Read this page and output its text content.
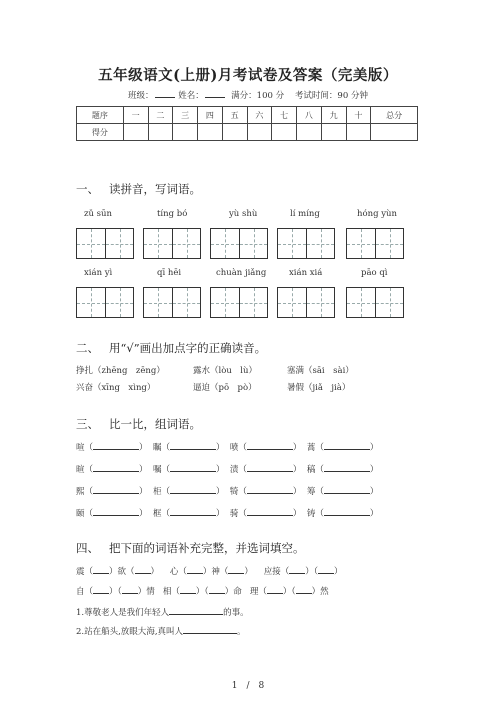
五年级语文(上册)月考试卷及答案（完美版）
班级：	姓名：	满分：100 分 考试时间：90 分钟
题序	一	二	三	四	五	六	七	八	九	十	总分
得分											
一、 读拼音，写词语。
zǔ sūn	tíng bó	yù shù	lí míng	hóng yùn
xián yì	qī hēi	chuàn jiǎng	xián xiá	pāo qì
二、 用“√”画出加点字的正确读音。
挣扎（zhēng　zēng）	露水（lòu　lù）	塞满（sāi　sài）
兴奋（xīng　xìng）	逼迫（pō　pò）	暑假（jiǎ　jià）
三、 比一比，组词语。
喧（	）  瞩（	）  喷（	）  蒿（	）
暄（	）  嘱（	）  渍（	）  稿（	）
熙（	）  柜（	）  犄（	）  筹（	）
颐（	）  框（	）  骑（	）  铸（	）
四、 把下面的词语补充完整，并选词填空。
震（ ）欲（ ） 心（ ）神（ ） 应接（ ）（ ）
自（ ）（ ）情 相（ ）（ ）命 理（ ）（ ）然
1.尊敬老人是我们年轻人	的事。
2.站在船头,放眼大海,真叫人	。
1　/　8
